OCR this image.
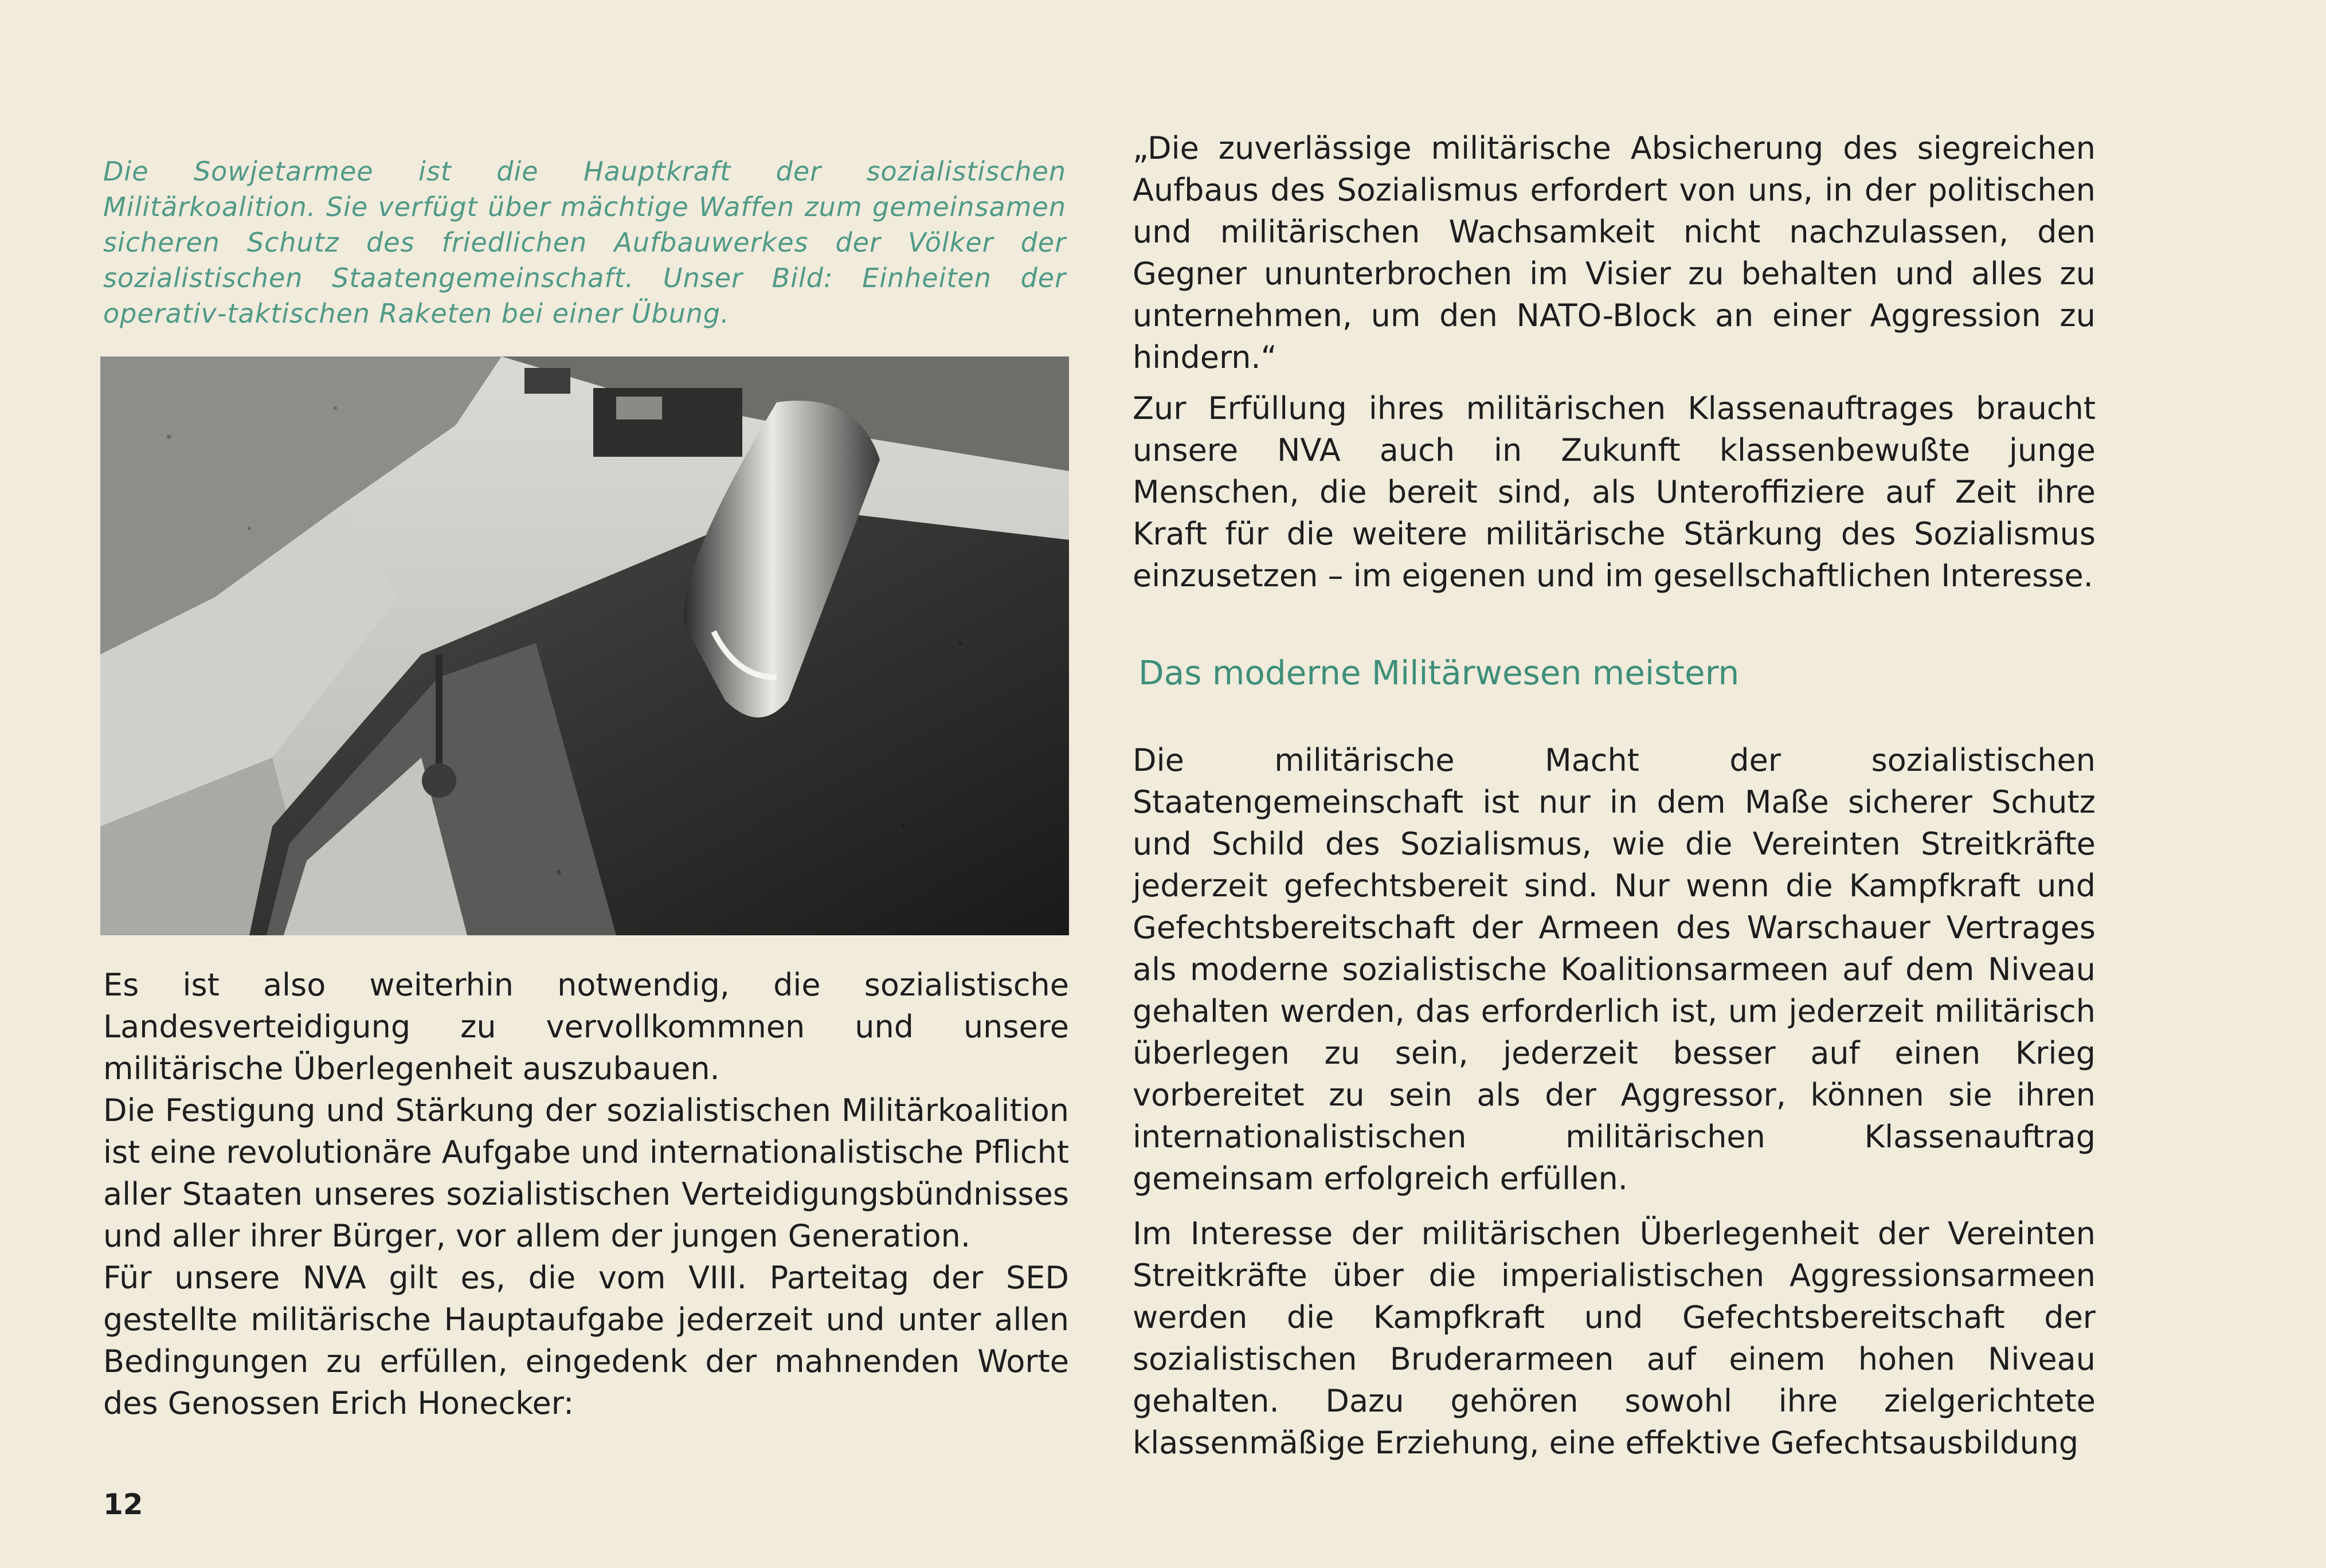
Die Sowjetarmee ist die Hauptkraft der sozialistischen Militärkoalition. Sie verfügt über mächtige Waffen zum gemeinsamen sicheren Schutz des friedlichen Aufbauwerkes der Völker der sozialistischen Staatengemeinschaft. Unser Bild: Einheiten der operativ-taktischen Raketen bei einer Übung.

Es ist also weiterhin notwendig, die sozialistische Landesverteidigung zu vervollkommnen und unsere militärische Überlegenheit auszubauen.

Die Festigung und Stärkung der sozialistischen Militärkoalition ist eine revolutionäre Aufgabe und internationalistische Pflicht aller Staaten unseres sozialistischen Verteidigungsbündnisses und aller ihrer Bürger, vor allem der jungen Generation.

Für unsere NVA gilt es, die vom VIII. Parteitag der SED gestellte militärische Hauptaufgabe jederzeit und unter allen Bedingungen zu erfüllen, eingedenk der mahnenden Worte des Genossen Erich Honecker:

„Die zuverlässige militärische Absicherung des siegreichen Aufbaus des Sozialismus erfordert von uns, in der politischen und militärischen Wachsamkeit nicht nachzulassen, den Gegner ununterbrochen im Visier zu behalten und alles zu unternehmen, um den NATO-Block an einer Aggression zu hindern.“

Zur Erfüllung ihres militärischen Klassenauftrages braucht unsere NVA auch in Zukunft klassenbewußte junge Menschen, die bereit sind, als Unteroffiziere auf Zeit ihre Kraft für die weitere militärische Stärkung des Sozialismus einzusetzen – im eigenen und im gesellschaftlichen Interesse.

Das moderne Militärwesen meistern

Die militärische Macht der sozialistischen Staatengemeinschaft ist nur in dem Maße sicherer Schutz und Schild des Sozialismus, wie die Vereinten Streitkräfte jederzeit gefechtsbereit sind. Nur wenn die Kampfkraft und Gefechtsbereitschaft der Armeen des Warschauer Vertrages als moderne sozialistische Koalitionsarmeen auf dem Niveau gehalten werden, das erforderlich ist, um jederzeit militärisch überlegen zu sein, jederzeit besser auf einen Krieg vorbereitet zu sein als der Aggressor, können sie ihren internationalistischen militärischen Klassenauftrag gemeinsam erfolgreich erfüllen.

Im Interesse der militärischen Überlegenheit der Vereinten Streitkräfte über die imperialistischen Aggressionsarmeen werden die Kampfkraft und Gefechtsbereitschaft der sozialistischen Bruderarmeen auf einem hohen Niveau gehalten. Dazu gehören sowohl ihre zielgerichtete klassenmäßige Erziehung, eine effektive Gefechtsausbildung

12
